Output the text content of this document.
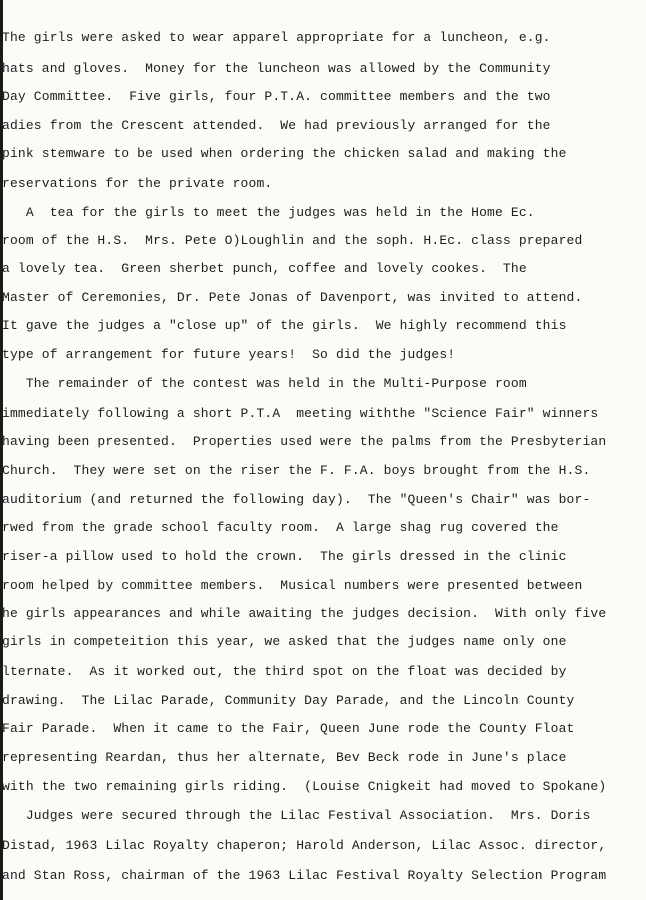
The girls were asked to wear apparel appropriate for a luncheon, e.g.

hats and gloves.  Money for the luncheon was allowed by the Community

Day Committee.  Five girls, four P.T.A. committee members and the two

adies from the Crescent attended.  We had previously arranged for the

pink stemware to be used when ordering the chicken salad and making the

reservations for the private room.

A  tea for the girls to meet the judges was held in the Home Ec.

room of the H.S.  Mrs. Pete O)Loughlin and the soph. H.Ec. class prepared

a lovely tea.  Green sherbet punch, coffee and lovely cookes.  The

Master of Ceremonies, Dr. Pete Jonas of Davenport, was invited to attend.

It gave the judges a "close up" of the girls.  We highly recommend this

type of arrangement for future years!  So did the judges!

The remainder of the contest was held in the Multi-Purpose room

immediately following a short P.T.A  meeting withthe "Science Fair" winners

having been presented.  Properties used were the palms from the Presbyterian

Church.  They were set on the riser the F. F.A. boys brought from the H.S.

auditorium (and returned the following day).  The "Queen's Chair" was bor-

rwed from the grade school faculty room.  A large shag rug covered the

riser-a pillow used to hold the crown.  The girls dressed in the clinic

room helped by committee members.  Musical numbers were presented between

he girls appearances and while awaiting the judges decision.  With only five

girls in competeition this year, we asked that the judges name only one

lternate.  As it worked out, the third spot on the float was decided by

drawing.  The Lilac Parade, Community Day Parade, and the Lincoln County

Fair Parade.  When it came to the Fair, Queen June rode the County Float

representing Reardan, thus her alternate, Bev Beck rode in June's place

with the two remaining girls riding.  (Louise Cnigkeit had moved to Spokane)

Judges were secured through the Lilac Festival Association.  Mrs. Doris

Distad, 1963 Lilac Royalty chaperon; Harold Anderson, Lilac Assoc. director,

and Stan Ross, chairman of the 1963 Lilac Festival Royalty Selection Program
